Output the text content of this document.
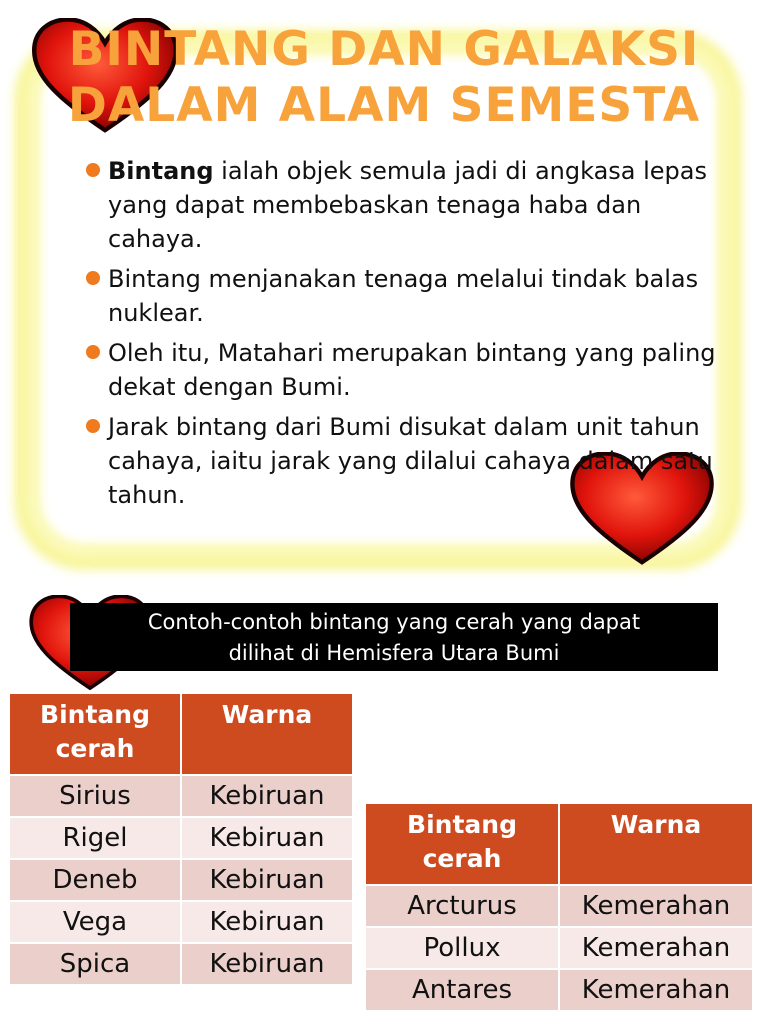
BINTANG DAN GALAKSI
DALAM ALAM SEMESTA
Bintang ialah objek semula jadi di angkasa lepas yang dapat membebaskan tenaga haba dan cahaya.
Bintang menjanakan tenaga melalui tindak balas nuklear.
Oleh itu, Matahari merupakan bintang yang paling dekat dengan Bumi.
Jarak bintang dari Bumi disukat dalam unit tahun cahaya, iaitu jarak yang dilalui cahaya dalam satu tahun.
Contoh-contoh bintang yang cerah yang dapat
dilihat di Hemisfera Utara Bumi
Bintang cerah	Warna
Sirius	Kebiruan
Rigel	Kebiruan
Deneb	Kebiruan
Vega	Kebiruan
Spica	Kebiruan
Bintang cerah	Warna
Arcturus	Kemerahan
Pollux	Kemerahan
Antares	Kemerahan
